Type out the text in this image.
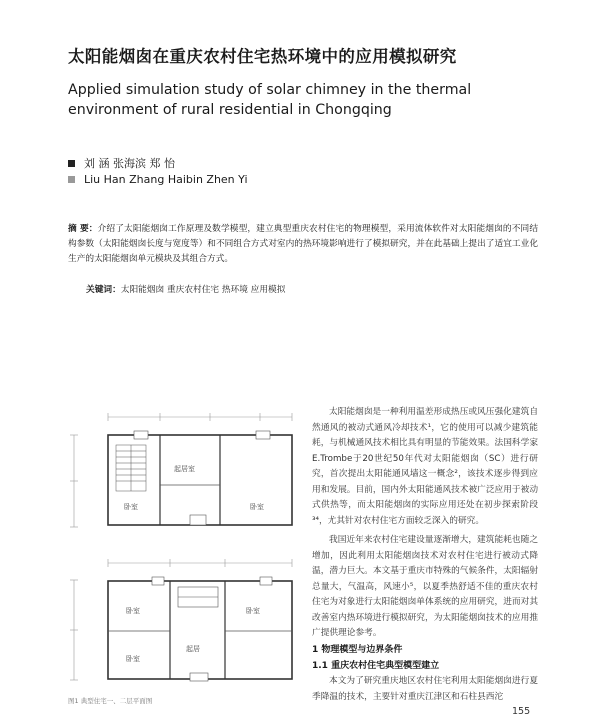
太阳能烟囱在重庆农村住宅热环境中的应用模拟研究
Applied simulation study of solar chimney in the thermal environment of rural residential in Chongqing
刘 涵 张海滨 郑 怡
Liu Han Zhang Haibin Zhen Yi
摘 要：介绍了太阳能烟囱工作原理及数学模型，建立典型重庆农村住宅的物理模型，采用流体软件对太阳能烟囱的不同结构参数（太阳能烟囱长度与宽度等）和不同组合方式对室内的热环境影响进行了模拟研究，并在此基础上提出了适宜工业化生产的太阳能烟囱单元模块及其组合方式。
关键词：太阳能烟囱 重庆农村住宅 热环境 应用模拟
卧室
起居室
卧室
卧室
卧室
起居
卧室

太阳能烟囱是一种利用温差形成热压或风压强化建筑自然通风的被动式通风冷却技术¹，它的使用可以减少建筑能耗，与机械通风技术相比具有明显的节能效果。法国科学家E.Trombe于20世纪50年代对太阳能烟囱（SC）进行研究，首次提出太阳能通风墙这一概念²，该技术逐步得到应用和发展。目前，国内外太阳能通风技术被广泛应用于被动式供热等，而太阳能烟囱的实际应用还处在初步探索阶段³⁴，尤其针对农村住宅方面较乏深入的研究。

我国近年来农村住宅建设量逐渐增大，建筑能耗也随之增加，因此利用太阳能烟囱技术对农村住宅进行被动式降温，潜力巨大。本文基于重庆市特殊的气候条件，太阳辐射总量大，气温高，风速小⁵，以夏季热舒适不佳的重庆农村住宅为对象进行太阳能烟囱单体系统的应用研究，进而对其改善室内热环境进行模拟研究，为太阳能烟囱技术的应用推广提供理论参考。

1 物理模型与边界条件
1.1 重庆农村住宅典型模型建立

本文为了研究重庆地区农村住宅利用太阳能烟囱进行夏季降温的技术，主要针对重庆江津区和石柱县西沱

图1 典型住宅一、二层平面图
155
